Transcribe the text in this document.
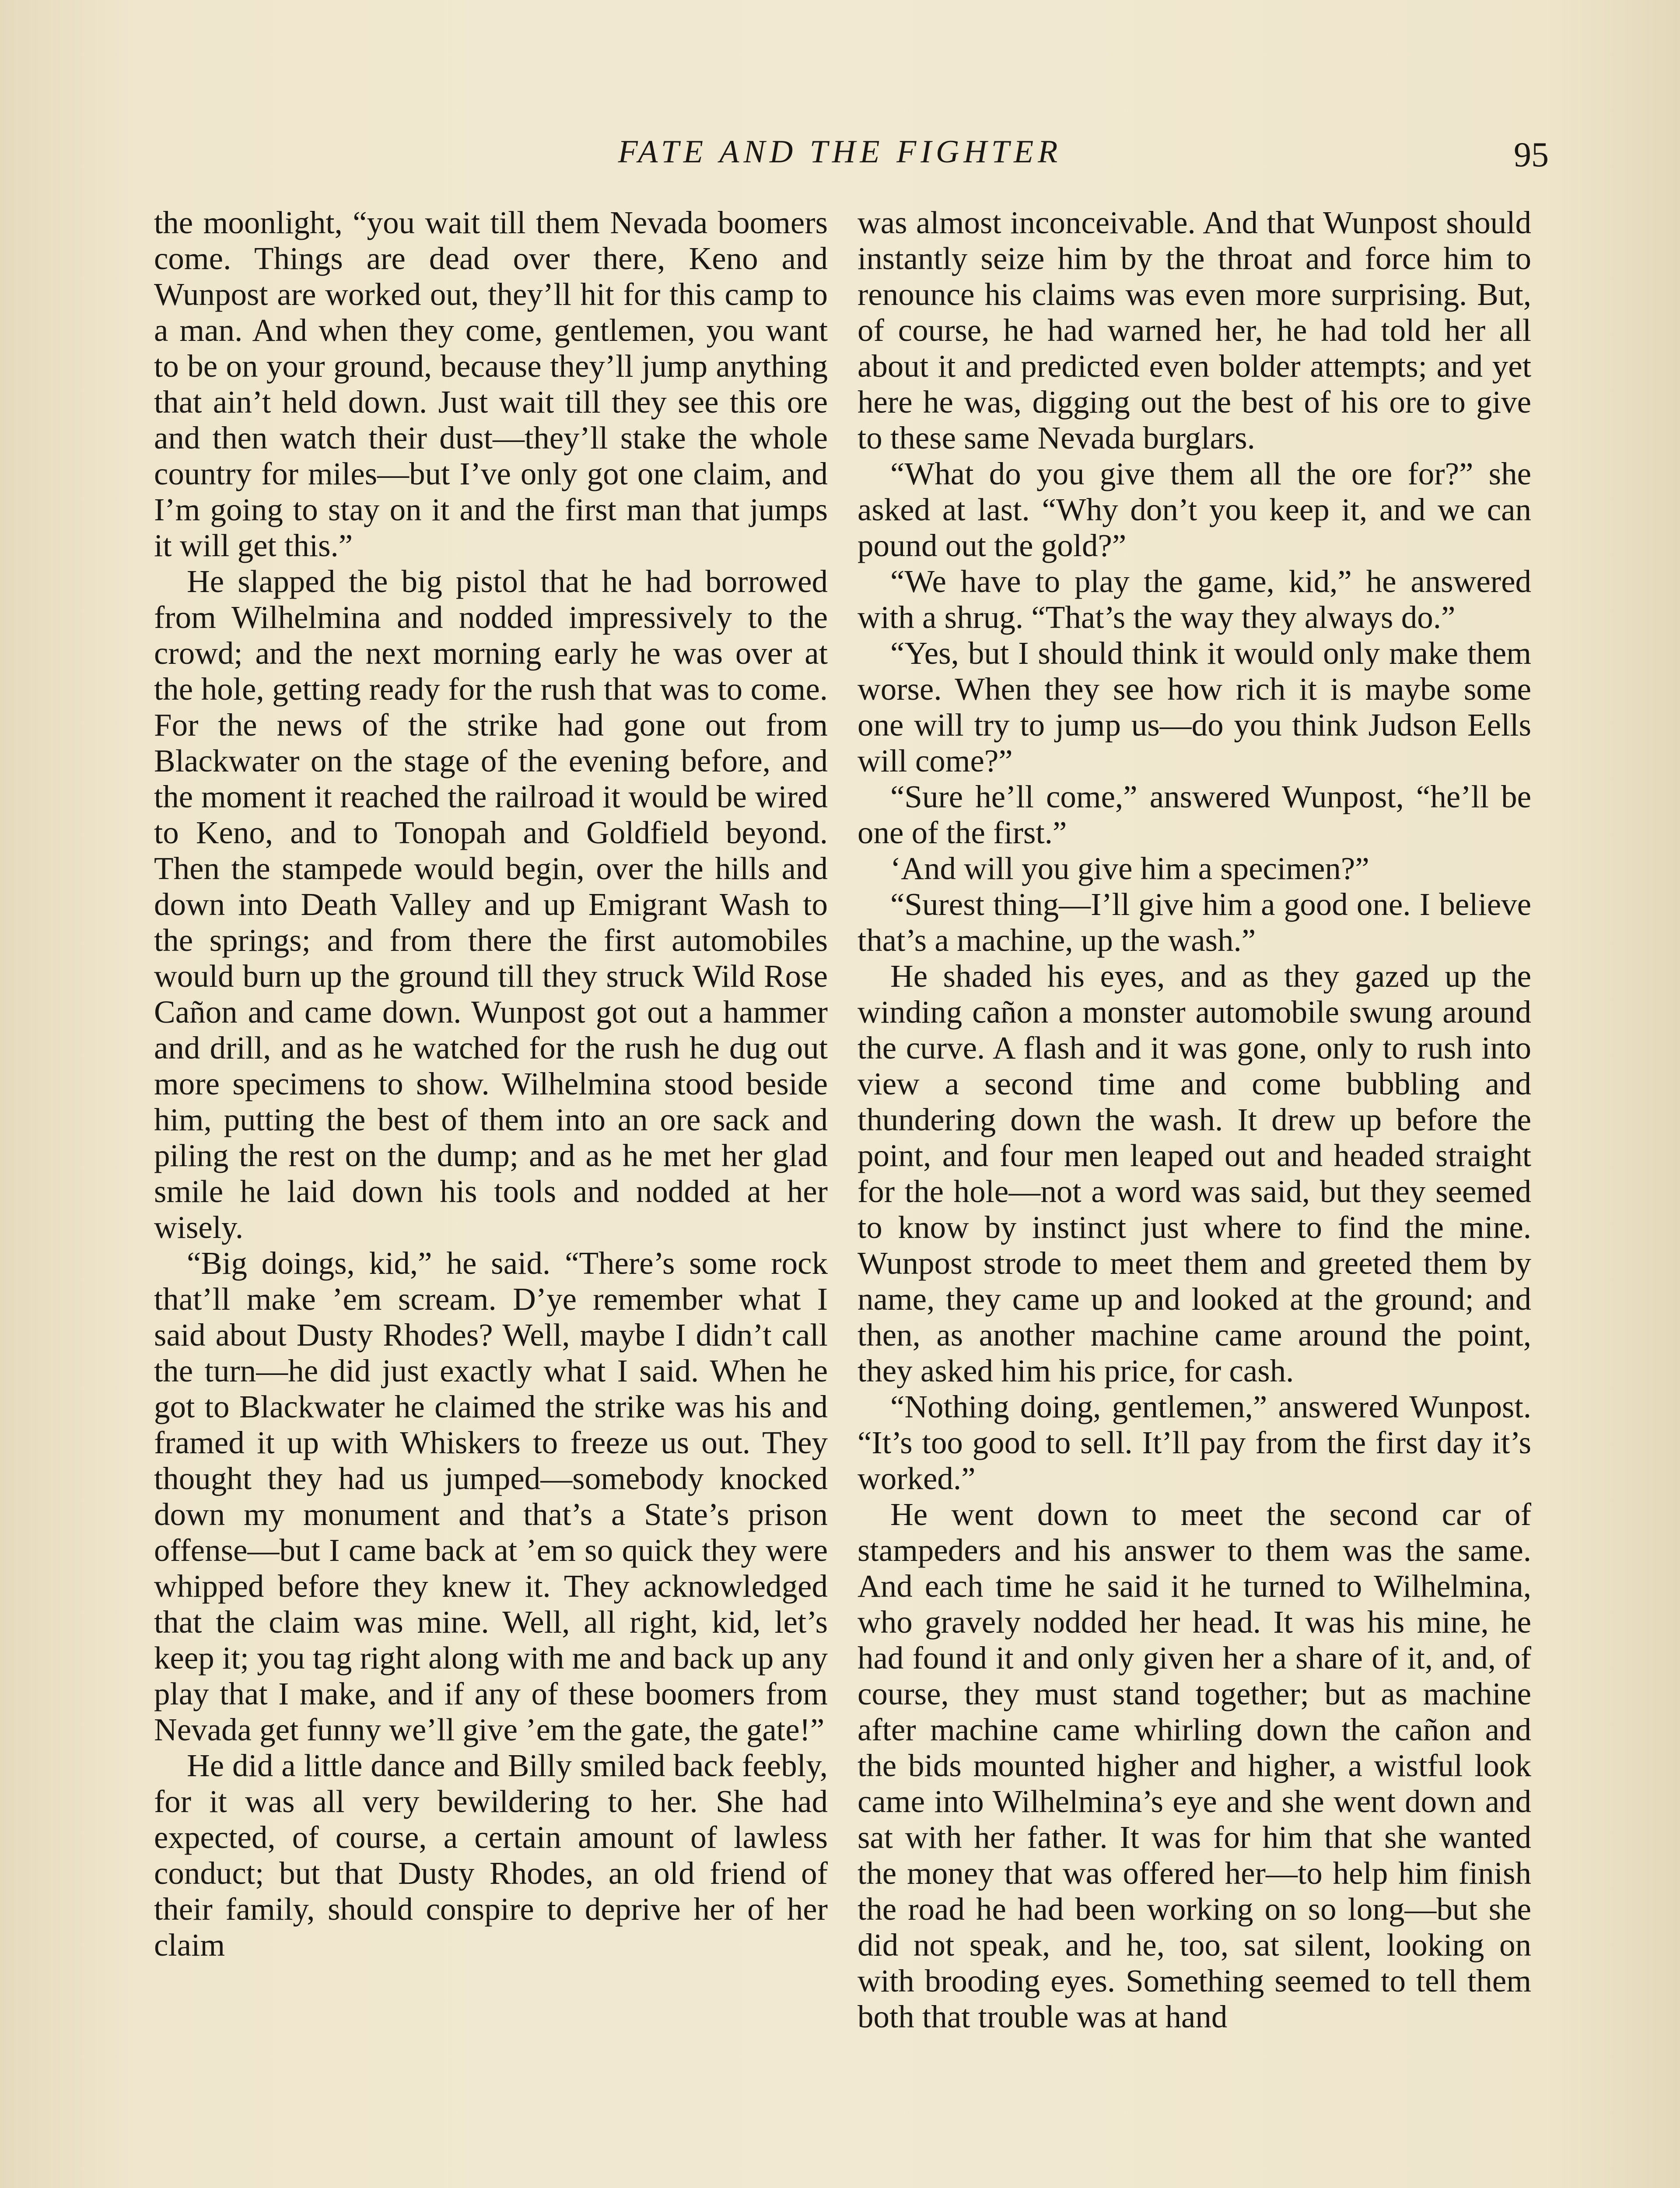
FATE AND THE FIGHTER	95

the moonlight, “you wait till them Nevada boomers come. Things are dead over there, Keno and Wunpost are worked out, they’ll hit for this camp to a man. And when they come, gentlemen, you want to be on your ground, because they’ll jump anything that ain’t held down. Just wait till they see this ore and then watch their dust—they’ll stake the whole country for miles—but I’ve only got one claim, and I’m going to stay on it and the first man that jumps it will get this.”

He slapped the big pistol that he had borrowed from Wilhelmina and nodded impressively to the crowd; and the next morning early he was over at the hole, getting ready for the rush that was to come. For the news of the strike had gone out from Blackwater on the stage of the evening before, and the moment it reached the railroad it would be wired to Keno, and to Tonopah and Goldfield beyond. Then the stampede would begin, over the hills and down into Death Valley and up Emigrant Wash to the springs; and from there the first automobiles would burn up the ground till they struck Wild Rose Cañon and came down. Wunpost got out a hammer and drill, and as he watched for the rush he dug out more specimens to show. Wilhelmina stood beside him, putting the best of them into an ore sack and piling the rest on the dump; and as he met her glad smile he laid down his tools and nodded at her wisely.

“Big doings, kid,” he said. “There’s some rock that’ll make ’em scream. D’ye remember what I said about Dusty Rhodes? Well, maybe I didn’t call the turn—he did just exactly what I said. When he got to Blackwater he claimed the strike was his and framed it up with Whiskers to freeze us out. They thought they had us jumped—somebody knocked down my monument and that’s a State’s prison offense—but I came back at ’em so quick they were whipped before they knew it. They acknowledged that the claim was mine. Well, all right, kid, let’s keep it; you tag right along with me and back up any play that I make, and if any of these boomers from Nevada get funny we’ll give ’em the gate, the gate!”

He did a little dance and Billy smiled back feebly, for it was all very bewildering to her. She had expected, of course, a certain amount of lawless conduct; but that Dusty Rhodes, an old friend of their family, should conspire to deprive her of her claim

was almost inconceivable. And that Wunpost should instantly seize him by the throat and force him to renounce his claims was even more surprising. But, of course, he had warned her, he had told her all about it and predicted even bolder attempts; and yet here he was, digging out the best of his ore to give to these same Nevada burglars.

“What do you give them all the ore for?” she asked at last. “Why don’t you keep it, and we can pound out the gold?”

“We have to play the game, kid,” he answered with a shrug. “That’s the way they always do.”

“Yes, but I should think it would only make them worse. When they see how rich it is maybe some one will try to jump us—do you think Judson Eells will come?”

“Sure he’ll come,” answered Wunpost, “he’ll be one of the first.”

‘And will you give him a specimen?”

“Surest thing—I’ll give him a good one. I believe that’s a machine, up the wash.”

He shaded his eyes, and as they gazed up the winding cañon a monster automobile swung around the curve. A flash and it was gone, only to rush into view a second time and come bubbling and thundering down the wash. It drew up before the point, and four men leaped out and headed straight for the hole—not a word was said, but they seemed to know by instinct just where to find the mine. Wunpost strode to meet them and greeted them by name, they came up and looked at the ground; and then, as another machine came around the point, they asked him his price, for cash.

“Nothing doing, gentlemen,” answered Wunpost. “It’s too good to sell. It’ll pay from the first day it’s worked.”

He went down to meet the second car of stampeders and his answer to them was the same. And each time he said it he turned to Wilhelmina, who gravely nodded her head. It was his mine, he had found it and only given her a share of it, and, of course, they must stand together; but as machine after machine came whirling down the cañon and the bids mounted higher and higher, a wistful look came into Wilhelmina’s eye and she went down and sat with her father. It was for him that she wanted the money that was offered her—to help him finish the road he had been working on so long—but she did not speak, and he, too, sat silent, looking on with brooding eyes. Something seemed to tell them both that trouble was at hand
